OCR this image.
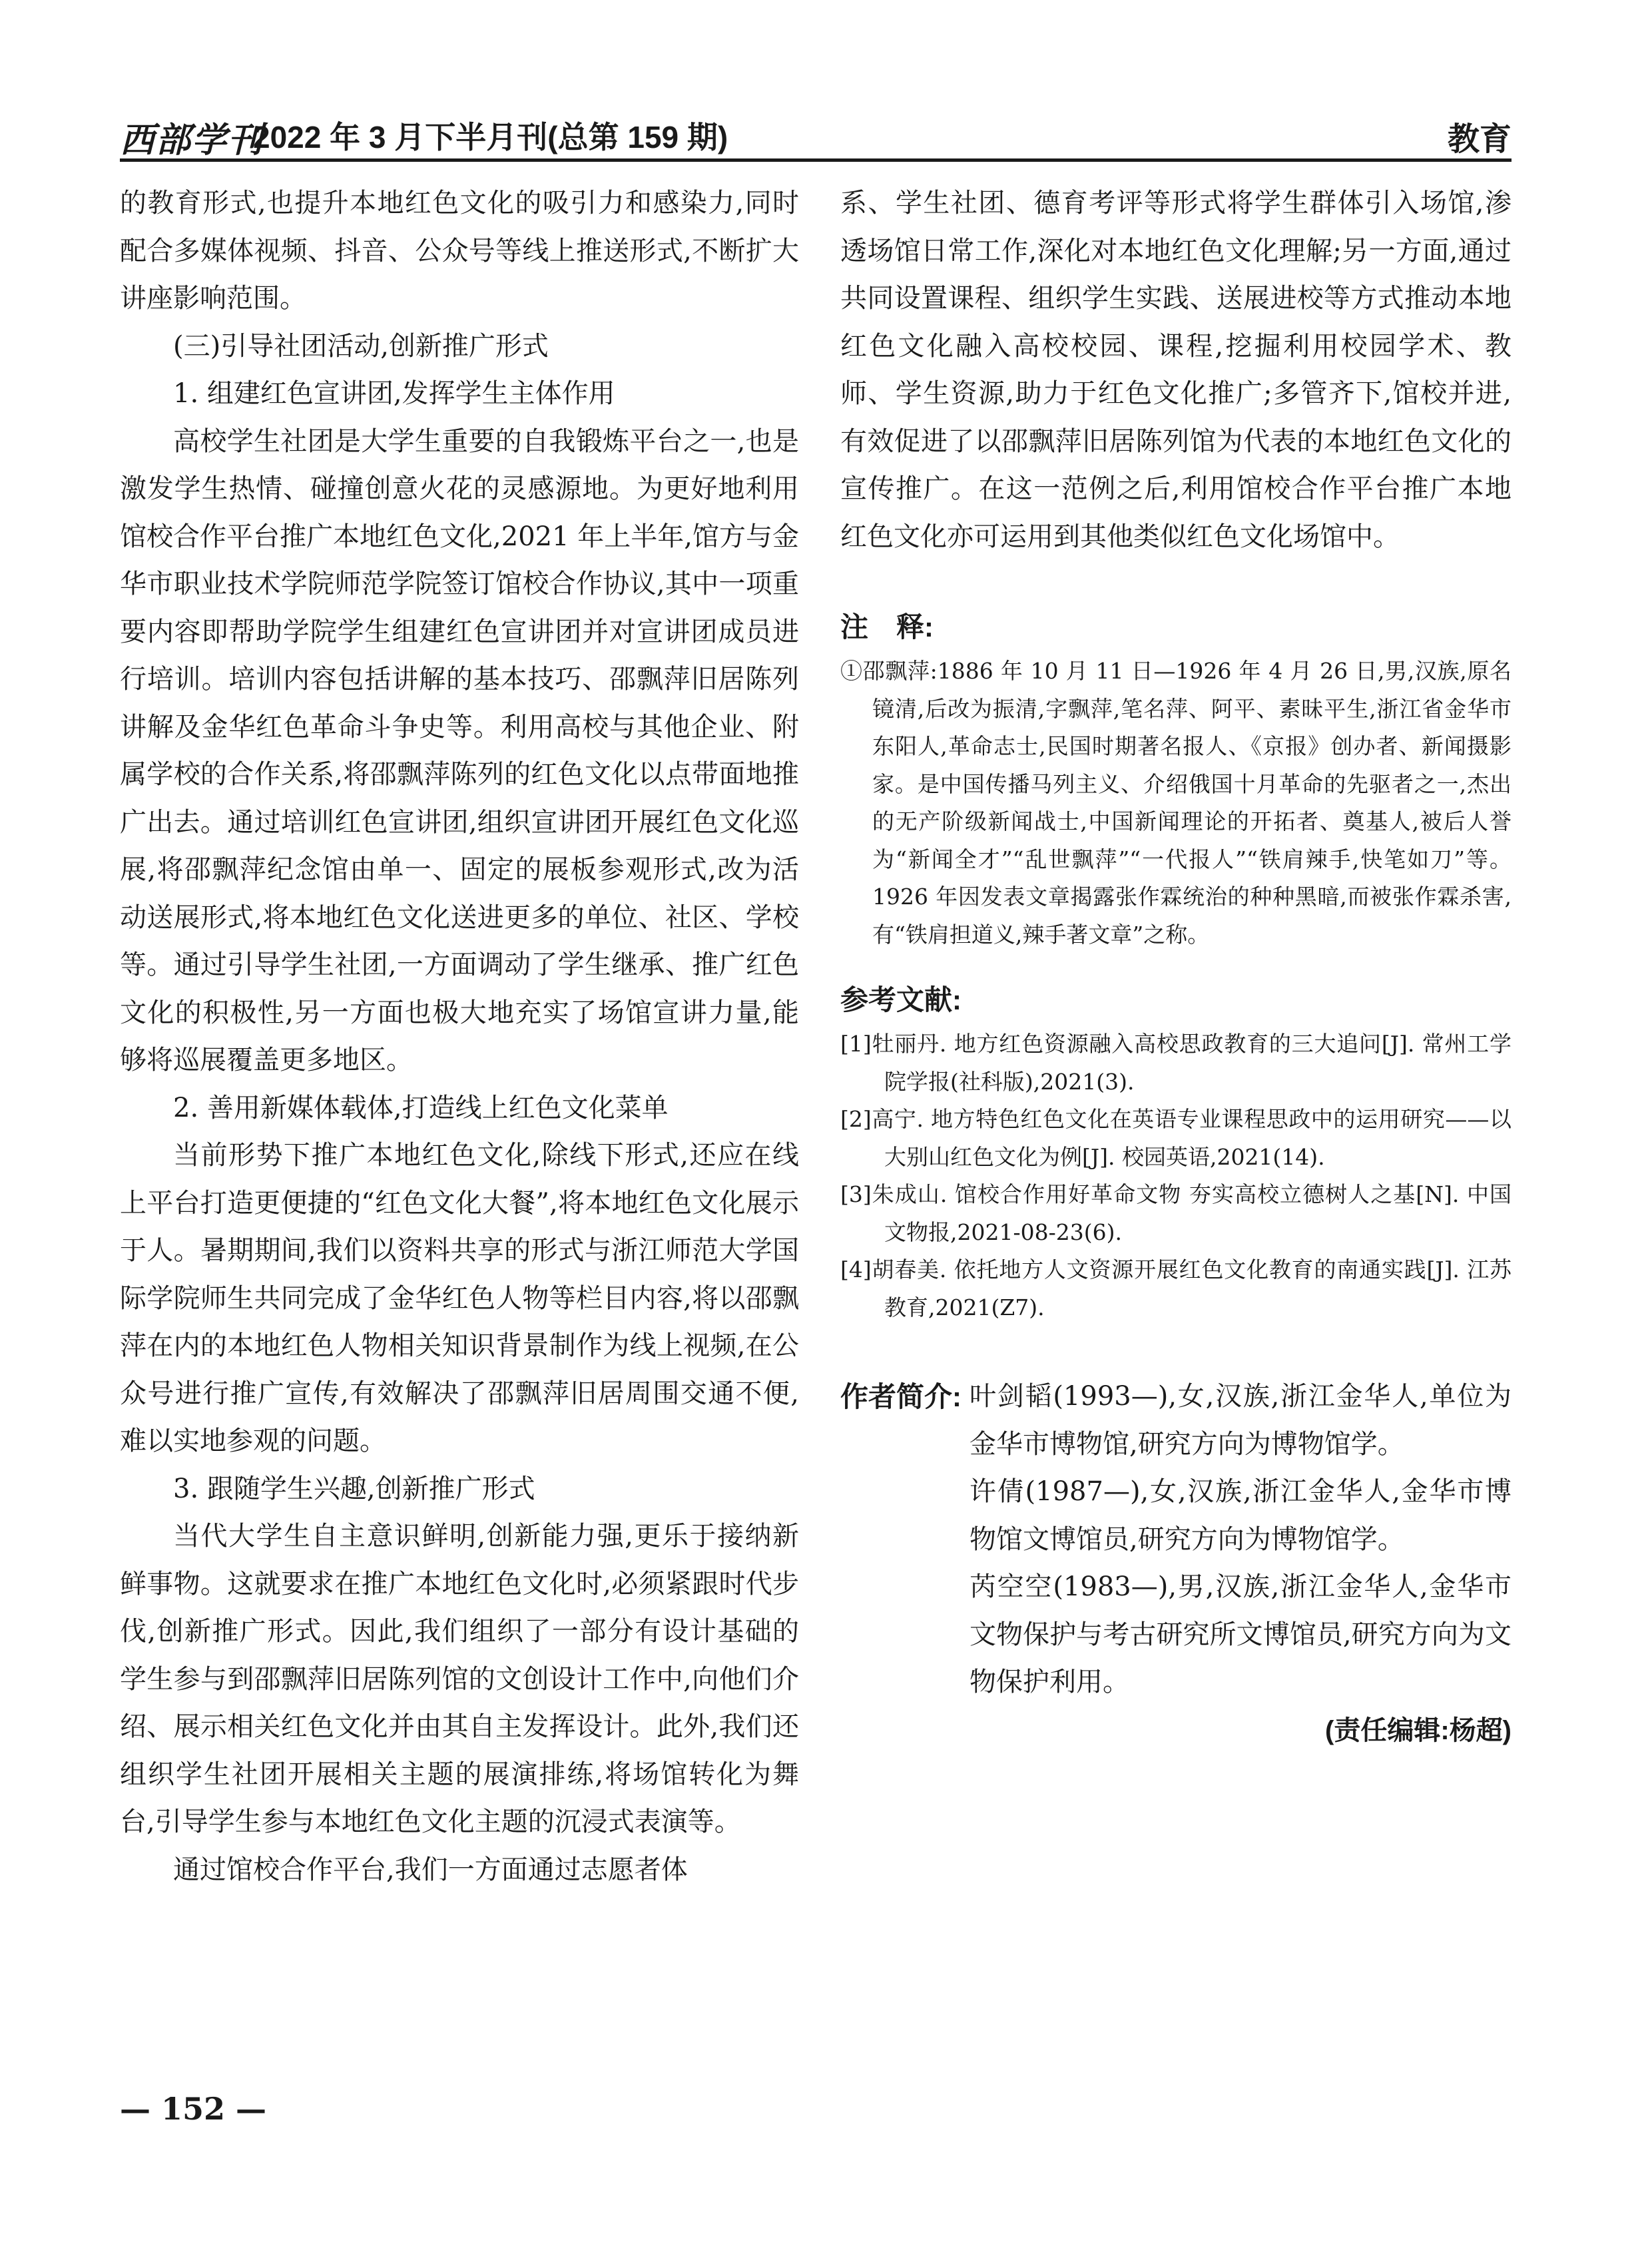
西部学刊
2022 年 3 月下半月刊(总第 159 期)	教育

的教育形式,也提升本地红色文化的吸引力和感染力,同时配合多媒体视频、抖音、公众号等线上推送形式,不断扩大讲座影响范围。

(三)引导社团活动,创新推广形式

1. 组建红色宣讲团,发挥学生主体作用

高校学生社团是大学生重要的自我锻炼平台之一,也是激发学生热情、碰撞创意火花的灵感源地。为更好地利用馆校合作平台推广本地红色文化,2021 年上半年,馆方与金华市职业技术学院师范学院签订馆校合作协议,其中一项重要内容即帮助学院学生组建红色宣讲团并对宣讲团成员进行培训。培训内容包括讲解的基本技巧、邵飘萍旧居陈列讲解及金华红色革命斗争史等。利用高校与其他企业、附属学校的合作关系,将邵飘萍陈列的红色文化以点带面地推广出去。通过培训红色宣讲团,组织宣讲团开展红色文化巡展,将邵飘萍纪念馆由单一、固定的展板参观形式,改为活动送展形式,将本地红色文化送进更多的单位、社区、学校等。通过引导学生社团,一方面调动了学生继承、推广红色文化的积极性,另一方面也极大地充实了场馆宣讲力量,能够将巡展覆盖更多地区。

2. 善用新媒体载体,打造线上红色文化菜单

当前形势下推广本地红色文化,除线下形式,还应在线上平台打造更便捷的“红色文化大餐”,将本地红色文化展示于人。暑期期间,我们以资料共享的形式与浙江师范大学国际学院师生共同完成了金华红色人物等栏目内容,将以邵飘萍在内的本地红色人物相关知识背景制作为线上视频,在公众号进行推广宣传,有效解决了邵飘萍旧居周围交通不便,难以实地参观的问题。

3. 跟随学生兴趣,创新推广形式

当代大学生自主意识鲜明,创新能力强,更乐于接纳新鲜事物。这就要求在推广本地红色文化时,必须紧跟时代步伐,创新推广形式。因此,我们组织了一部分有设计基础的学生参与到邵飘萍旧居陈列馆的文创设计工作中,向他们介绍、展示相关红色文化并由其自主发挥设计。此外,我们还组织学生社团开展相关主题的展演排练,将场馆转化为舞台,引导学生参与本地红色文化主题的沉浸式表演等。

通过馆校合作平台,我们一方面通过志愿者体

系、学生社团、德育考评等形式将学生群体引入场馆,渗透场馆日常工作,深化对本地红色文化理解;另一方面,通过共同设置课程、组织学生实践、送展进校等方式推动本地红色文化融入高校校园、课程,挖掘利用校园学术、教师、学生资源,助力于红色文化推广;多管齐下,馆校并进,有效促进了以邵飘萍旧居陈列馆为代表的本地红色文化的宣传推广。在这一范例之后,利用馆校合作平台推广本地红色文化亦可运用到其他类似红色文化场馆中。

注　释:

①邵飘萍:1886 年 10 月 11 日—1926 年 4 月 26 日,男,汉族,原名镜清,后改为振清,字飘萍,笔名萍、阿平、素昧平生,浙江省金华市东阳人,革命志士,民国时期著名报人、《京报》创办者、新闻摄影家。是中国传播马列主义、介绍俄国十月革命的先驱者之一,杰出的无产阶级新闻战士,中国新闻理论的开拓者、奠基人,被后人誉为“新闻全才”“乱世飘萍”“一代报人”“铁肩辣手,快笔如刀”等。1926 年因发表文章揭露张作霖统治的种种黑暗,而被张作霖杀害,有“铁肩担道义,辣手著文章”之称。

参考文献:

[1]牡丽丹. 地方红色资源融入高校思政教育的三大追问[J]. 常州工学院学报(社科版),2021(3).
[2]高宁. 地方特色红色文化在英语专业课程思政中的运用研究——以大别山红色文化为例[J]. 校园英语,2021(14).
[3]朱成山. 馆校合作用好革命文物 夯实高校立德树人之基[N]. 中国文物报,2021-08-23(6).
[4]胡春美. 依托地方人文资源开展红色文化教育的南通实践[J]. 江苏教育,2021(Z7).
作者简介: 叶剑韬(1993—),女,汉族,浙江金华人,单位为金华市博物馆,研究方向为博物馆学。

许倩(1987—),女,汉族,浙江金华人,金华市博物馆文博馆员,研究方向为博物馆学。

芮空空(1983—),男,汉族,浙江金华人,金华市文物保护与考古研究所文博馆员,研究方向为文物保护利用。

(责任编辑:杨超)

— 152 —
